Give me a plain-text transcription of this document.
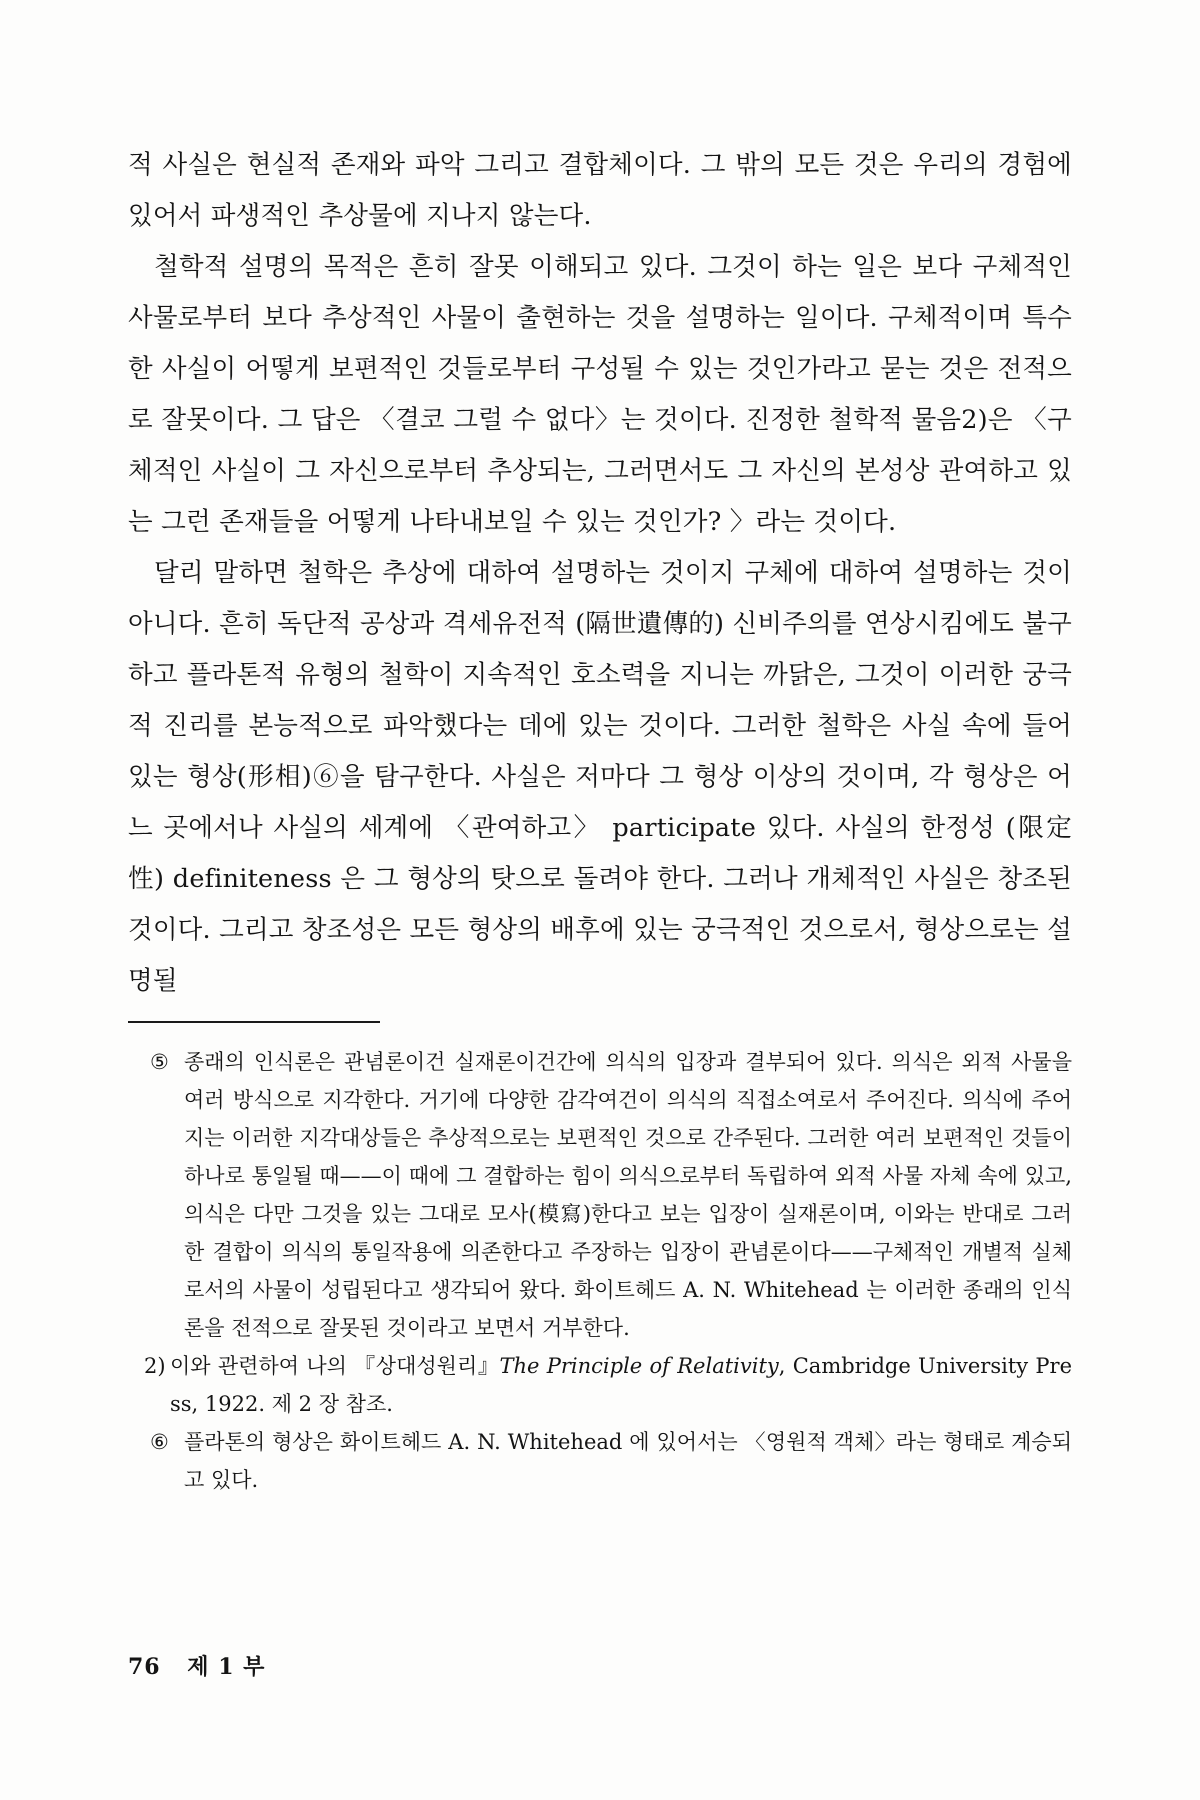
적 사실은 현실적 존재와 파악 그리고 결합체이다. 그 밖의 모든 것은 우리의 경험에 있어서 파생적인 추상물에 지나지 않는다.

철학적 설명의 목적은 흔히 잘못 이해되고 있다. 그것이 하는 일은 보다 구체적인 사물로부터 보다 추상적인 사물이 출현하는 것을 설명하는 일이다. 구체적이며 특수한 사실이 어떻게 보편적인 것들로부터 구성될 수 있는 것인가라고 묻는 것은 전적으로 잘못이다. 그 답은 〈결코 그럴 수 없다〉는 것이다. 진정한 철학적 물음2)은 〈구체적인 사실이 그 자신으로부터 추상되는, 그러면서도 그 자신의 본성상 관여하고 있는 그런 존재들을 어떻게 나타내보일 수 있는 것인가? 〉라는 것이다.

달리 말하면 철학은 추상에 대하여 설명하는 것이지 구체에 대하여 설명하는 것이 아니다. 흔히 독단적 공상과 격세유전적 (隔世遺傳的) 신비주의를 연상시킴에도 불구하고 플라톤적 유형의 철학이 지속적인 호소력을 지니는 까닭은, 그것이 이러한 궁극적 진리를 본능적으로 파악했다는 데에 있는 것이다. 그러한 철학은 사실 속에 들어 있는 형상(形相)⑥을 탐구한다. 사실은 저마다 그 형상 이상의 것이며, 각 형상은 어느 곳에서나 사실의 세계에 〈관여하고〉 participate 있다. 사실의 한정성 (限定性) definiteness 은 그 형상의 탓으로 돌려야 한다. 그러나 개체적인 사실은 창조된 것이다. 그리고 창조성은 모든 형상의 배후에 있는 궁극적인 것으로서, 형상으로는 설명될

⑤ 종래의 인식론은 관념론이건 실재론이건간에 의식의 입장과 결부되어 있다. 의식은 외적 사물을 여러 방식으로 지각한다. 거기에 다양한 감각여건이 의식의 직접소여로서 주어진다. 의식에 주어지는 이러한 지각대상들은 추상적으로는 보편적인 것으로 간주된다. 그러한 여러 보편적인 것들이 하나로 통일될 때——이 때에 그 결합하는 힘이 의식으로부터 독립하여 외적 사물 자체 속에 있고, 의식은 다만 그것을 있는 그대로 모사(模寫)한다고 보는 입장이 실재론이며, 이와는 반대로 그러한 결합이 의식의 통일작용에 의존한다고 주장하는 입장이 관념론이다——구체적인 개별적 실체로서의 사물이 성립된다고 생각되어 왔다. 화이트헤드 A. N. Whitehead 는 이러한 종래의 인식론을 전적으로 잘못된 것이라고 보면서 거부한다.
2) 이와 관련하여 나의 『상대성원리』The Principle of Relativity, Cambridge University Press, 1922. 제 2 장 참조.
⑥ 플라톤의 형상은 화이트헤드 A. N. Whitehead 에 있어서는 〈영원적 객체〉라는 형태로 계승되고 있다.
76 제 1 부
